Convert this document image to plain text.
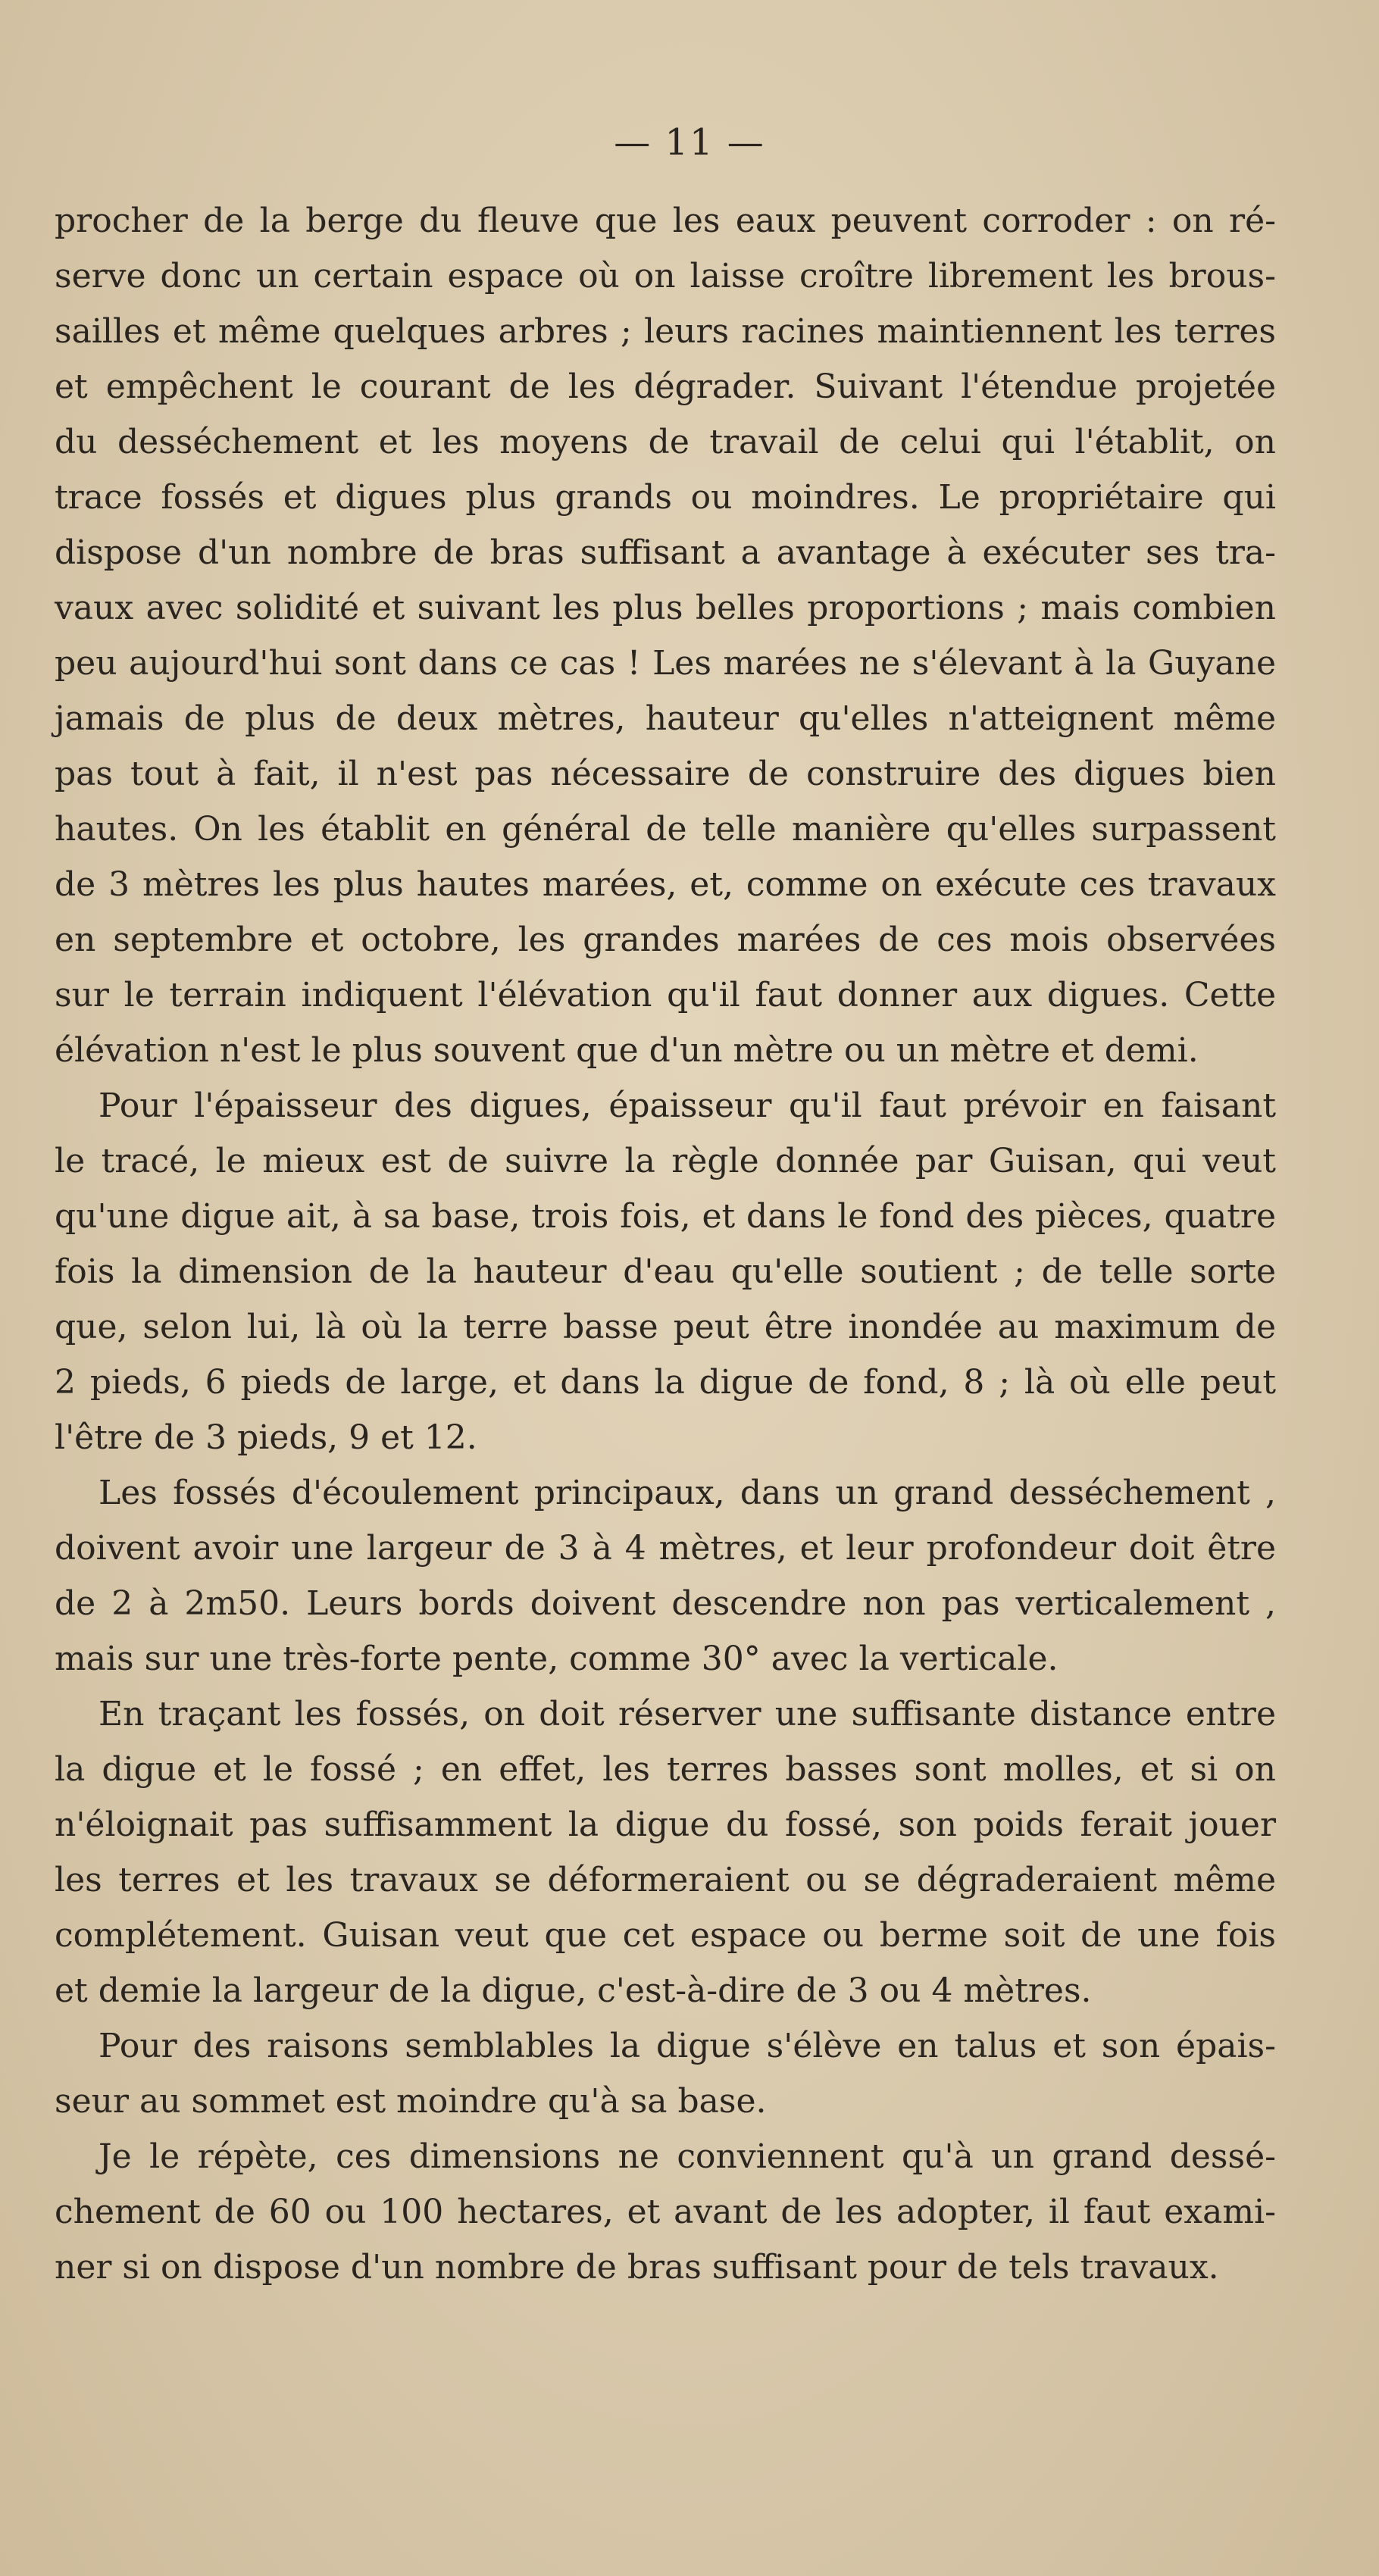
— 11 —
procher de la berge du fleuve que les eaux peuvent corroder : on ré-
serve donc un certain espace où on laisse croître librement les brous-
sailles et même quelques arbres ; leurs racines maintiennent les terres
et empêchent le courant de les dégrader. Suivant l'étendue projetée
du desséchement et les moyens de travail de celui qui l'établit, on
trace fossés et digues plus grands ou moindres. Le propriétaire qui
dispose d'un nombre de bras suffisant a avantage à exécuter ses tra-
vaux avec solidité et suivant les plus belles proportions ; mais combien
peu aujourd'hui sont dans ce cas ! Les marées ne s'élevant à la Guyane
jamais de plus de deux mètres, hauteur qu'elles n'atteignent même
pas tout à fait, il n'est pas nécessaire de construire des digues bien
hautes. On les établit en général de telle manière qu'elles surpassent
de 3 mètres les plus hautes marées, et, comme on exécute ces travaux
en septembre et octobre, les grandes marées de ces mois observées
sur le terrain indiquent l'élévation qu'il faut donner aux digues. Cette
élévation n'est le plus souvent que d'un mètre ou un mètre et demi.
Pour l'épaisseur des digues, épaisseur qu'il faut prévoir en faisant
le tracé, le mieux est de suivre la règle donnée par Guisan, qui veut
qu'une digue ait, à sa base, trois fois, et dans le fond des pièces, quatre
fois la dimension de la hauteur d'eau qu'elle soutient ; de telle sorte
que, selon lui, là où la terre basse peut être inondée au maximum de
2 pieds, 6 pieds de large, et dans la digue de fond, 8 ; là où elle peut
l'être de 3 pieds, 9 et 12.
Les fossés d'écoulement principaux, dans un grand desséchement ,
doivent avoir une largeur de 3 à 4 mètres, et leur profondeur doit être
de 2 à 2m50. Leurs bords doivent descendre non pas verticalement ,
mais sur une très-forte pente, comme 30° avec la verticale.
En traçant les fossés, on doit réserver une suffisante distance entre
la digue et le fossé ; en effet, les terres basses sont molles, et si on
n'éloignait pas suffisamment la digue du fossé, son poids ferait jouer
les terres et les travaux se déformeraient ou se dégraderaient même
complétement. Guisan veut que cet espace ou berme soit de une fois
et demie la largeur de la digue, c'est-à-dire de 3 ou 4 mètres.
Pour des raisons semblables la digue s'élève en talus et son épais-
seur au sommet est moindre qu'à sa base.
Je le répète, ces dimensions ne conviennent qu'à un grand dessé-
chement de 60 ou 100 hectares, et avant de les adopter, il faut exami-
ner si on dispose d'un nombre de bras suffisant pour de tels travaux.
